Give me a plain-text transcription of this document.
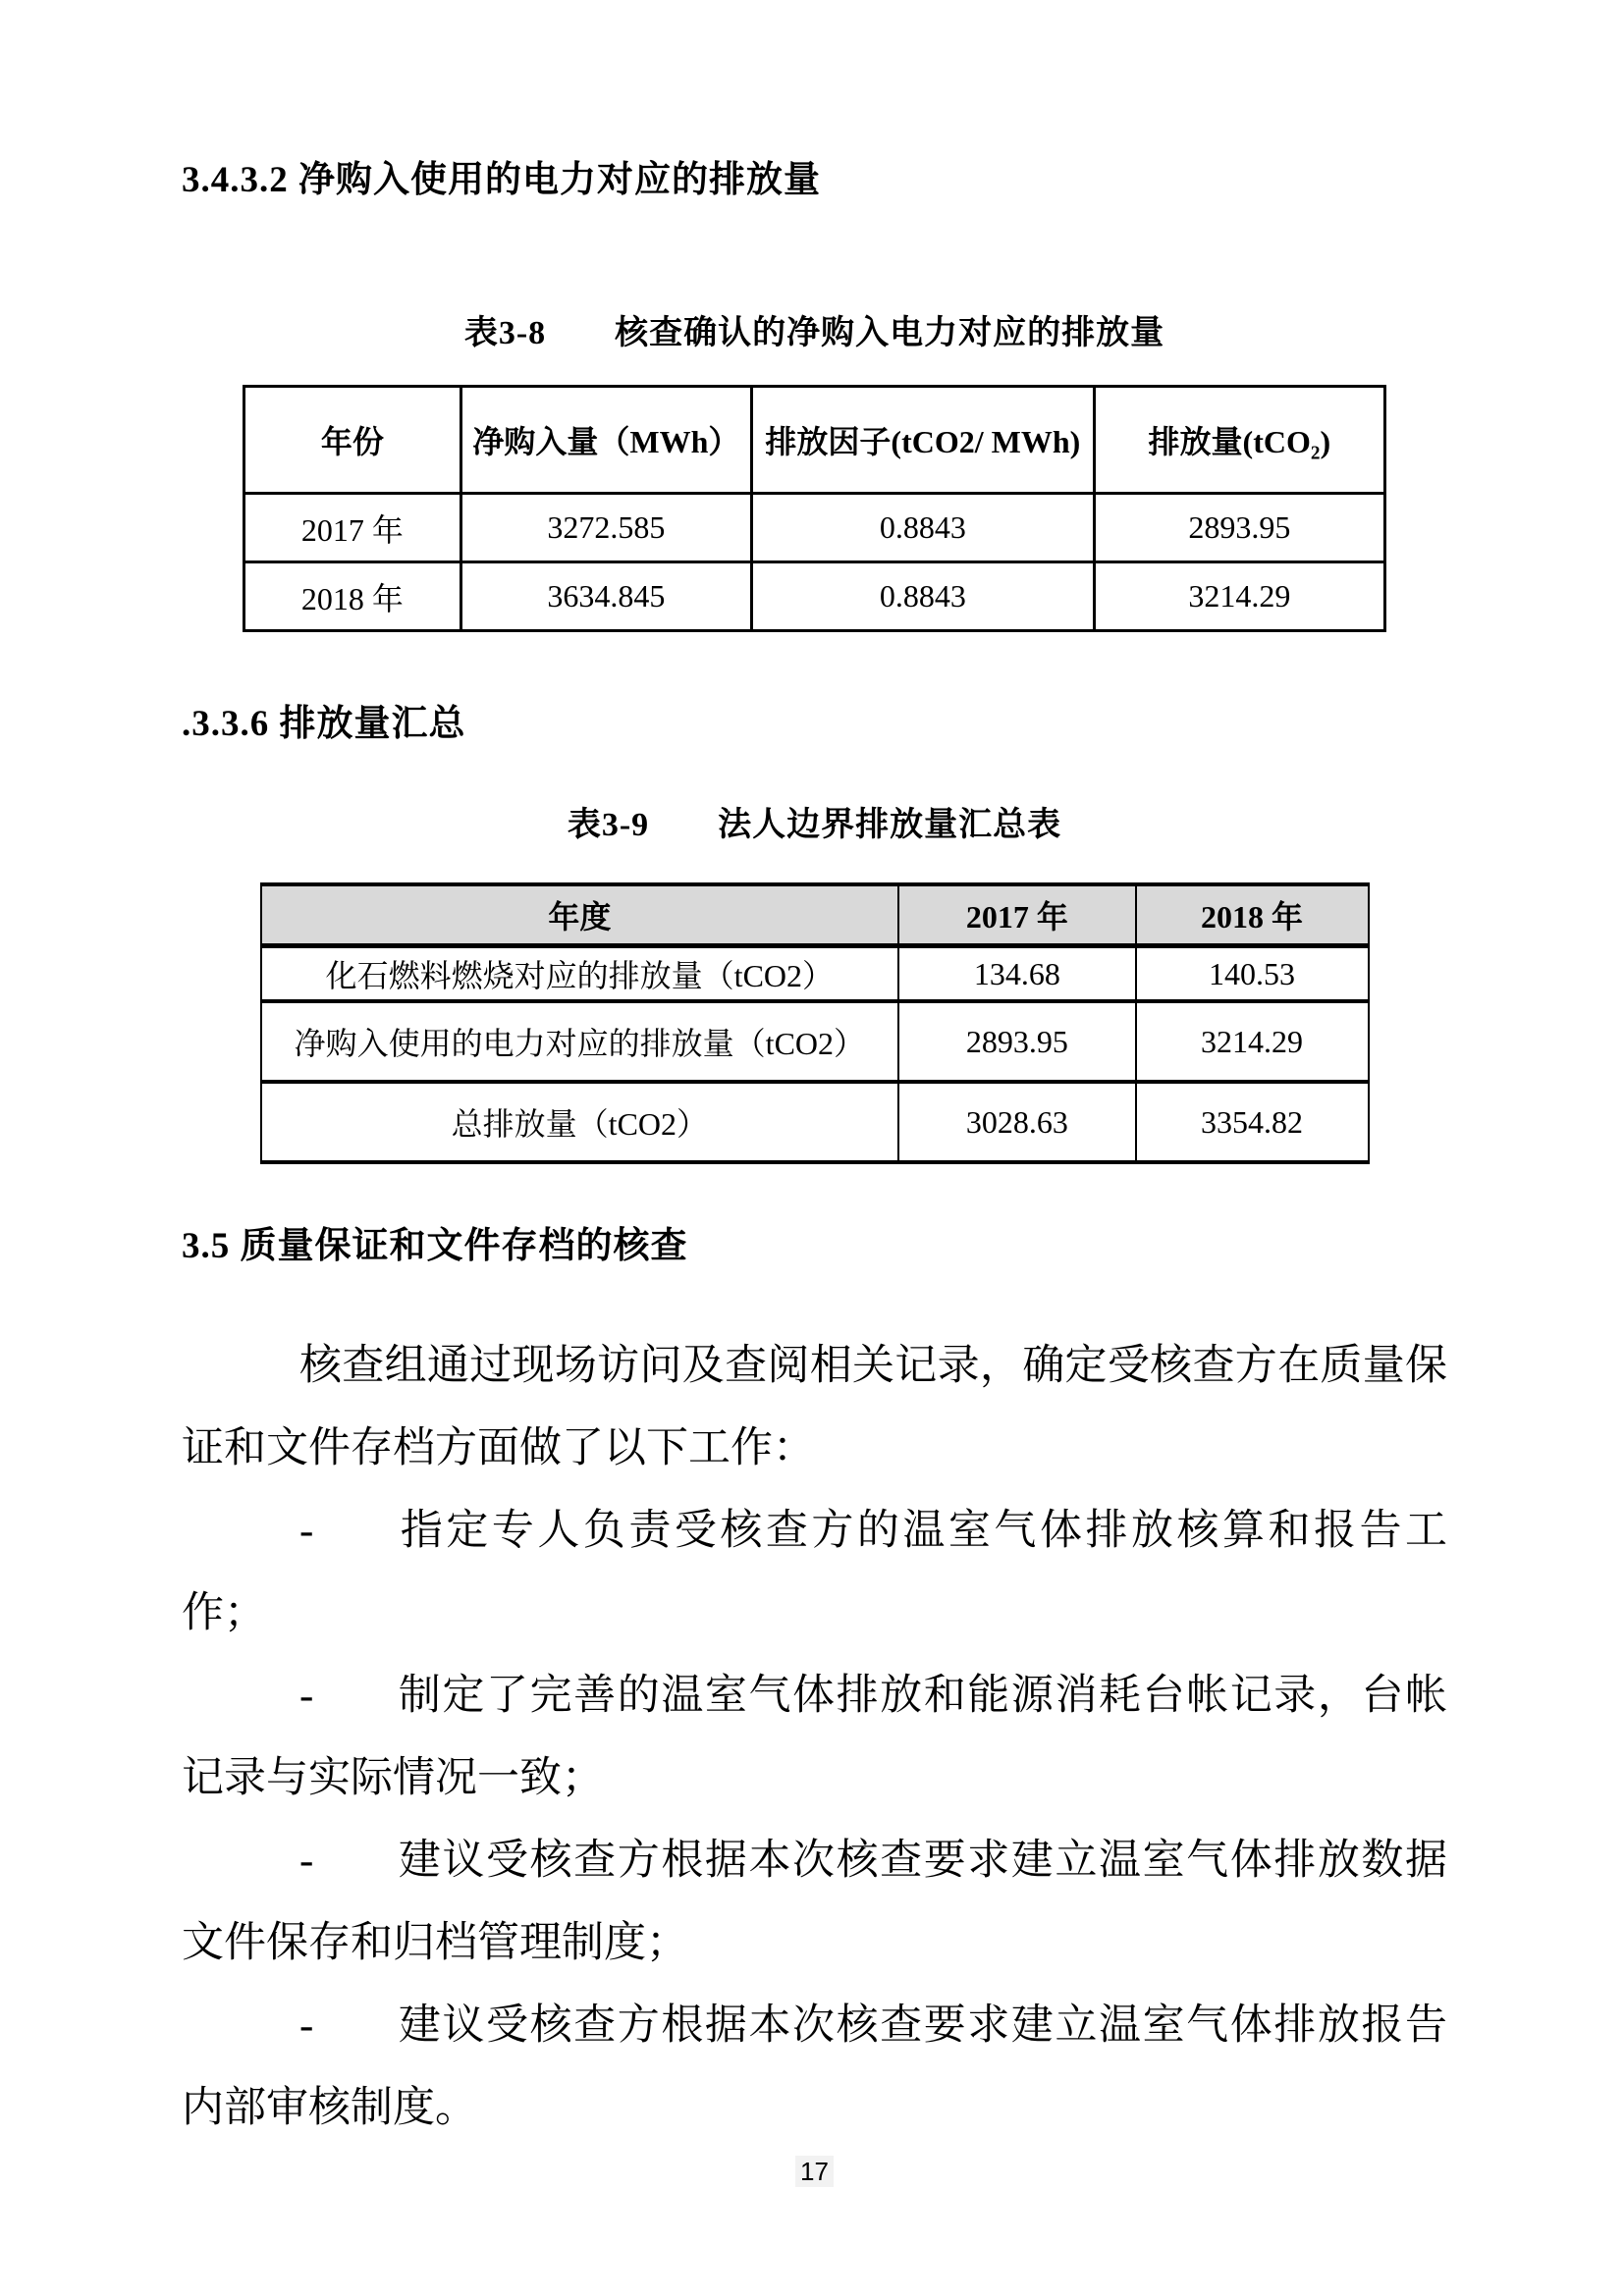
3.4.3.2 净购入使用的电力对应的排放量
表3-8　　核查确认的净购入电力对应的排放量
年份	净购入量（MWh）	排放因子(tCO2/ MWh)	排放量(tCO₂)
2017 年	3272.585	0.8843	2893.95
2018 年	3634.845	0.8843	3214.29
.3.3.6 排放量汇总
表3-9　　法人边界排放量汇总表
年度	2017 年	2018 年
化石燃料燃烧对应的排放量（tCO2）	134.68	140.53
净购入使用的电力对应的排放量（tCO2）	2893.95	3214.29
总排放量（tCO2）	3028.63	3354.82
3.5 质量保证和文件存档的核查

核查组通过现场访问及查阅相关记录，确定受核查方在质量保证和文件存档方面做了以下工作：

- 指定专人负责受核查方的温室气体排放核算和报告工作；

- 制定了完善的温室气体排放和能源消耗台帐记录，台帐记录与实际情况一致；

- 建议受核查方根据本次核查要求建立温室气体排放数据文件保存和归档管理制度；

- 建议受核查方根据本次核查要求建立温室气体排放报告内部审核制度。

17
